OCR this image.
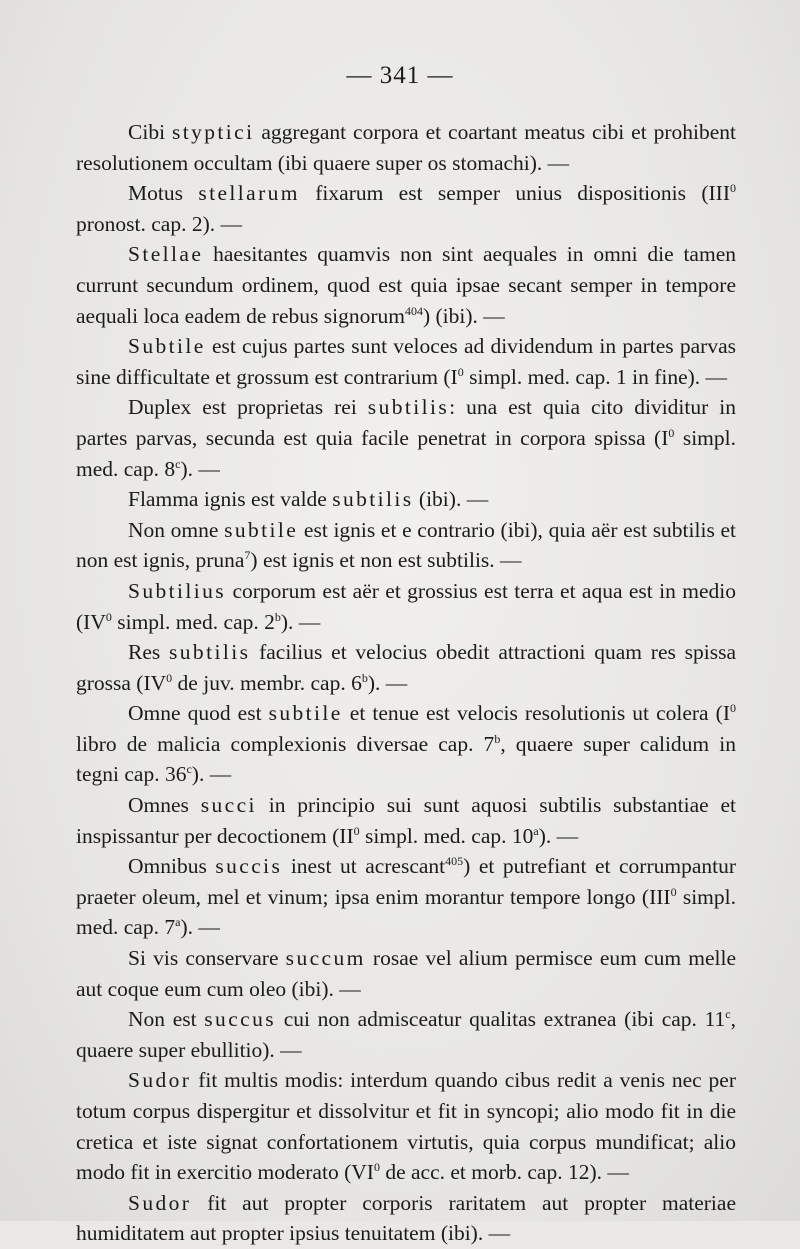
— 341 —

Cibi styptici aggregant corpora et coartant meatus cibi et prohibent resolutionem occultam (ibi quaere super os stomachi). —

Motus stellarum fixarum est semper unius dispositionis (III$^0$ pronost. cap. 2). —

Stellae haesitantes quamvis non sint aequales in omni die tamen currunt secundum ordinem, quod est quia ipsae secant semper in tempore aequali loca eadem de rebus signorum$^{404}$) (ibi). —

Subtile est cujus partes sunt veloces ad dividendum in partes parvas sine difficultate et grossum est contrarium ($I^0$ simpl. med. cap. 1 in fine). —

Duplex est proprietas rei subtilis: una est quia cito dividitur in partes parvas, secunda est quia facile penetrat in corpora spissa ($I^0$ simpl. med. cap. 8$^c$). —

Flamma ignis est valde subtilis (ibi). —

Non omne subtile est ignis et e contrario (ibi), quia aër est subtilis et non est ignis, pruna$^7$) est ignis et non est subtilis. —

Subtilius corporum est aër et grossius est terra et aqua est in medio ($IV^0$ simpl. med. cap. 2$^b$). —

Res subtilis facilius et velocius obedit attractioni quam res spissa grossa ($IV^0$ de juv. membr. cap. 6$^b$). —

Omne quod est subtile et tenue est velocis resolutionis ut colera ($I^0$ libro de malicia complexionis diversae cap. 7$^b$, quaere super calidum in tegni cap. 36$^c$). —

Omnes succi in principio sui sunt aquosi subtilis substantiae et inspissantur per decoctionem ($II^0$ simpl. med. cap. 10$^a$). —

Omnibus succis inest ut acrescant$^{405}$) et putrefiant et corrumpantur praeter oleum, mel et vinum; ipsa enim morantur tempore longo (III$^0$ simpl. med. cap. 7$^a$). —

Si vis conservare succum rosae vel alium permisce eum cum melle aut coque eum cum oleo (ibi). —

Non est succus cui non admisceatur qualitas extranea (ibi cap. 11$^c$, quaere super ebullitio). —

Sudor fit multis modis: interdum quando cibus redit a venis nec per totum corpus dispergitur et dissolvitur et fit in syncopi; alio modo fit in die cretica et iste signat confortationem virtutis, quia corpus mundificat; alio modo fit in exercitio moderato ($VI^0$ de acc. et morb. cap. 12). —

Sudor fit aut propter corporis raritatem aut propter materiae humiditatem aut propter ipsius tenuitatem (ibi). —
